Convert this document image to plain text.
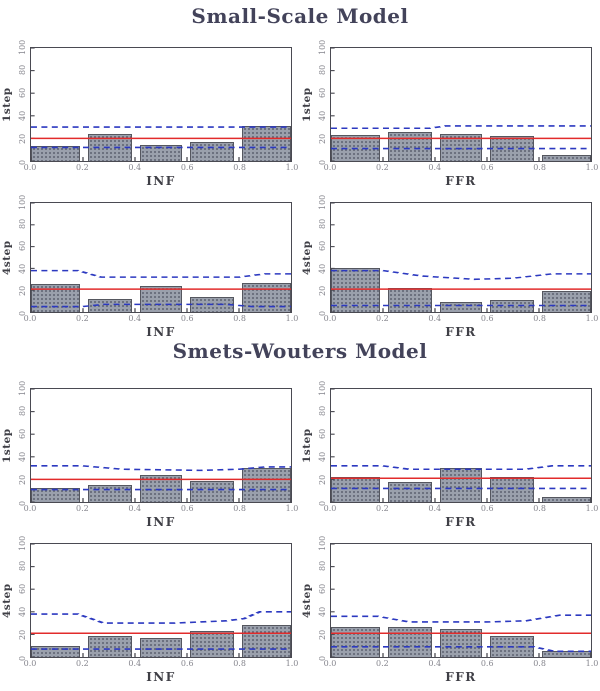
Small-Scale Model
1step
INF
0.0	0.2	0.4	0.6	0.8	1.0
0
20
40
60
80
100
1step
FFR
0.0	0.2	0.4	0.6	0.8	1.0
0
20
40
60
80
100
4step
INF
0.0	0.2	0.4	0.6	0.8	1.0
0
20
40
60
80
100
4step
FFR
0.0	0.2	0.4	0.6	0.8	1.0
0
20
40
60
80
100
Smets-Wouters Model
1step
INF
0.0	0.2	0.4	0.6	0.8	1.0
0
20
40
60
80
100
1step
FFR
0.0	0.2	0.4	0.6	0.8	1.0
0
20
40
60
80
100
4step
INF
0.0	0.2	0.4	0.6	0.8	1.0
0
20
40
60
80
100
4step
FFR
0.0	0.2	0.4	0.6	0.8	1.0
0
20
40
60
80
100
